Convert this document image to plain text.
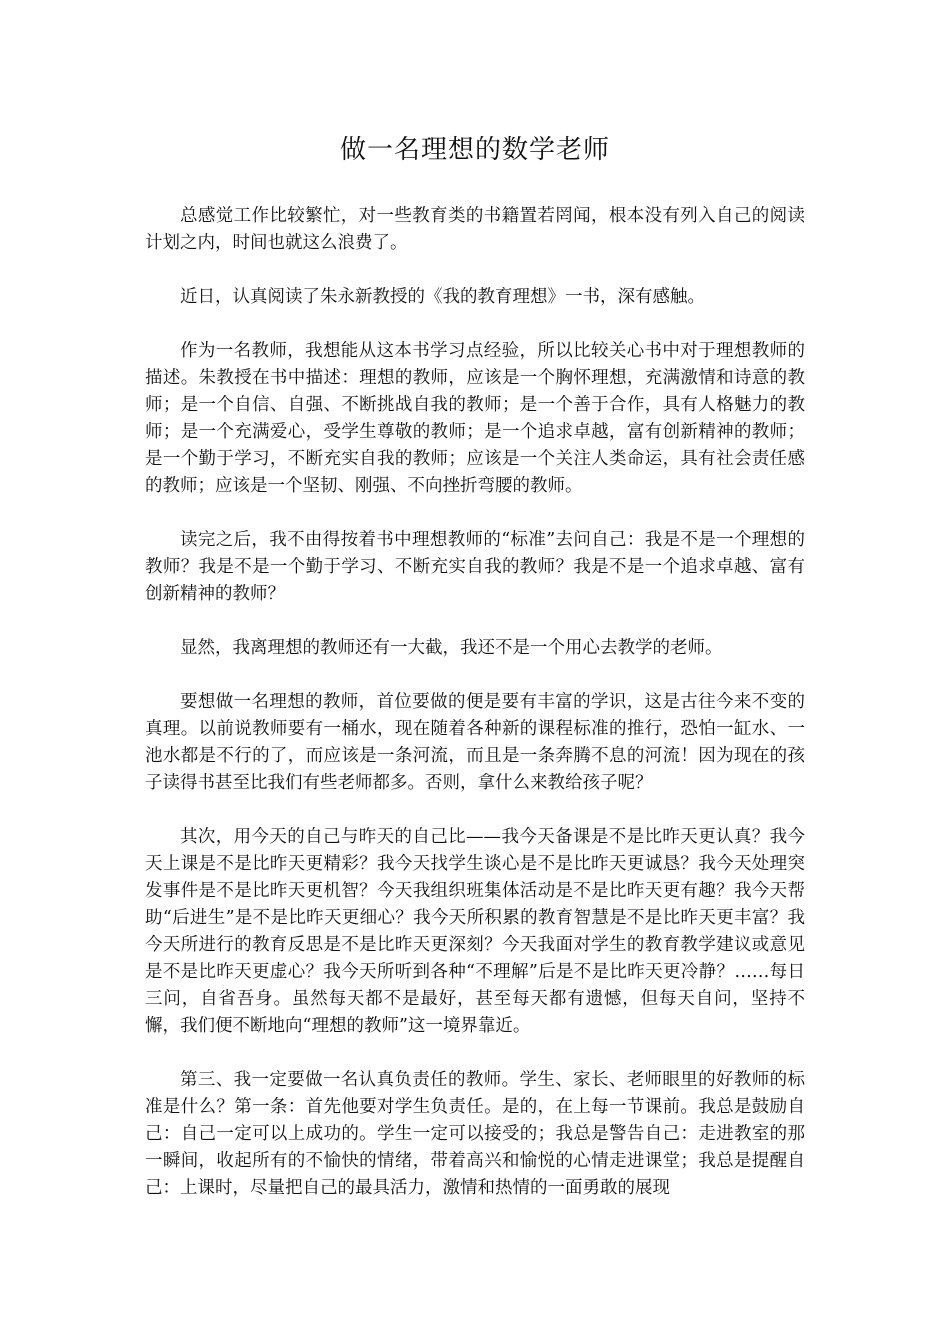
做一名理想的数学老师

总感觉工作比较繁忙，对一些教育类的书籍置若罔闻，根本没有列入自己的阅读计划之内，时间也就这么浪费了。

近日，认真阅读了朱永新教授的《我的教育理想》一书，深有感触。

作为一名教师，我想能从这本书学习点经验，所以比较关心书中对于理想教师的描述。朱教授在书中描述：理想的教师，应该是一个胸怀理想，充满激情和诗意的教师；是一个自信、自强、不断挑战自我的教师；是一个善于合作，具有人格魅力的教师；是一个充满爱心，受学生尊敬的教师；是一个追求卓越，富有创新精神的教师；是一个勤于学习，不断充实自我的教师；应该是一个关注人类命运，具有社会责任感的教师；应该是一个坚韧、刚强、不向挫折弯腰的教师。

读完之后，我不由得按着书中理想教师的“标准”去问自己：我是不是一个理想的教师？我是不是一个勤于学习、不断充实自我的教师？我是不是一个追求卓越、富有创新精神的教师？

显然，我离理想的教师还有一大截，我还不是一个用心去教学的老师。

要想做一名理想的教师，首位要做的便是要有丰富的学识，这是古往今来不变的真理。以前说教师要有一桶水，现在随着各种新的课程标准的推行，恐怕一缸水、一池水都是不行的了，而应该是一条河流，而且是一条奔腾不息的河流！因为现在的孩子读得书甚至比我们有些老师都多。否则，拿什么来教给孩子呢？

其次，用今天的自己与昨天的自己比——我今天备课是不是比昨天更认真？我今天上课是不是比昨天更精彩？我今天找学生谈心是不是比昨天更诚恳？我今天处理突发事件是不是比昨天更机智？今天我组织班集体活动是不是比昨天更有趣？我今天帮助“后进生”是不是比昨天更细心？我今天所积累的教育智慧是不是比昨天更丰富？我今天所进行的教育反思是不是比昨天更深刻？今天我面对学生的教育教学建议或意见是不是比昨天更虚心？我今天所听到各种“不理解”后是不是比昨天更冷静？……每日三问，自省吾身。虽然每天都不是最好，甚至每天都有遗憾，但每天自问，坚持不懈，我们便不断地向“理想的教师”这一境界靠近。

第三、我一定要做一名认真负责任的教师。学生、家长、老师眼里的好教师的标准是什么？第一条：首先他要对学生负责任。是的，在上每一节课前。我总是鼓励自己：自己一定可以上成功的。学生一定可以接受的；我总是警告自己：走进教室的那一瞬间，收起所有的不愉快的情绪，带着高兴和愉悦的心情走进课堂；我总是提醒自己：上课时，尽量把自己的最具活力，激情和热情的一面勇敢的展现
